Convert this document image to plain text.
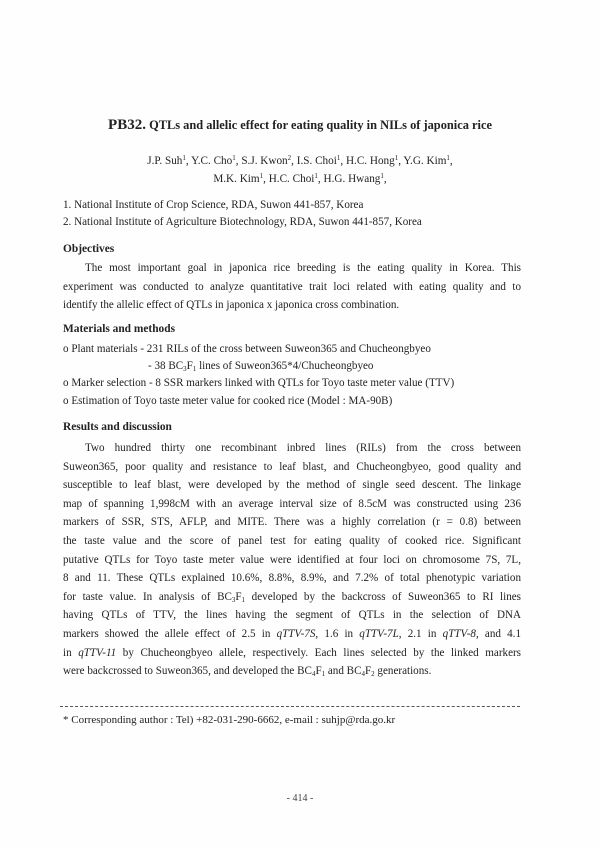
PB32. QTLs and allelic effect for eating quality in NILs of japonica rice
J.P. Suh$^1$, Y.C. Cho$^1$, S.J. Kwon$^2$, I.S. Choi$^1$, H.C. Hong$^1$, Y.G. Kim$^1$,
M.K. Kim$^1$, H.C. Choi$^1$, H.G. Hwang$^1$,
1. National Institute of Crop Science, RDA, Suwon 441-857, Korea
2. National Institute of Agriculture Biotechnology, RDA, Suwon 441-857, Korea
Objectives
The most important goal in japonica rice breeding is the eating quality in Korea. This
experiment was conducted to analyze quantitative trait loci related with eating quality and to
identify the allelic effect of QTLs in japonica x japonica cross combination.
Materials and methods
o Plant materials - 231 RILs of the cross between Suweon365 and Chucheongbyeo
- 38 $BC_3F_1$ lines of Suweon365*4/Chucheongbyeo
o Marker selection - 8 SSR markers linked with QTLs for Toyo taste meter value (TTV)
o Estimation of Toyo taste meter value for cooked rice (Model : MA-90B)
Results and discussion
Two hundred thirty one recombinant inbred lines (RILs) from the cross between
Suweon365, poor quality and resistance to leaf blast, and Chucheongbyeo, good quality and
susceptible to leaf blast, were developed by the method of single seed descent. The linkage
map of spanning 1,998cM with an average interval size of 8.5cM was constructed using 236
markers of SSR, STS, AFLP, and MITE. There was a highly correlation (r = 0.8) between
the taste value and the score of panel test for eating quality of cooked rice. Significant
putative QTLs for Toyo taste meter value were identified at four loci on chromosome 7S, 7L,
8 and 11. These QTLs explained 10.6%, 8.8%, 8.9%, and 7.2% of total phenotypic variation
for taste value. In analysis of $BC_3F_1$ developed by the backcross of Suweon365 to RI lines
having QTLs of TTV, the lines having the segment of QTLs in the selection of DNA
markers showed the allele effect of 2.5 in qTTV-7S, 1.6 in qTTV-7L, 2.1 in qTTV-8, and 4.1
in qTTV-11 by Chucheongbyeo allele, respectively. Each lines selected by the linked markers
were backcrossed to Suweon365, and developed the $BC_4F_1$ and $BC_4F_2$ generations.
* Corresponding author : Tel) +82-031-290-6662, e-mail : suhjp@rda.go.kr
- 414 -
